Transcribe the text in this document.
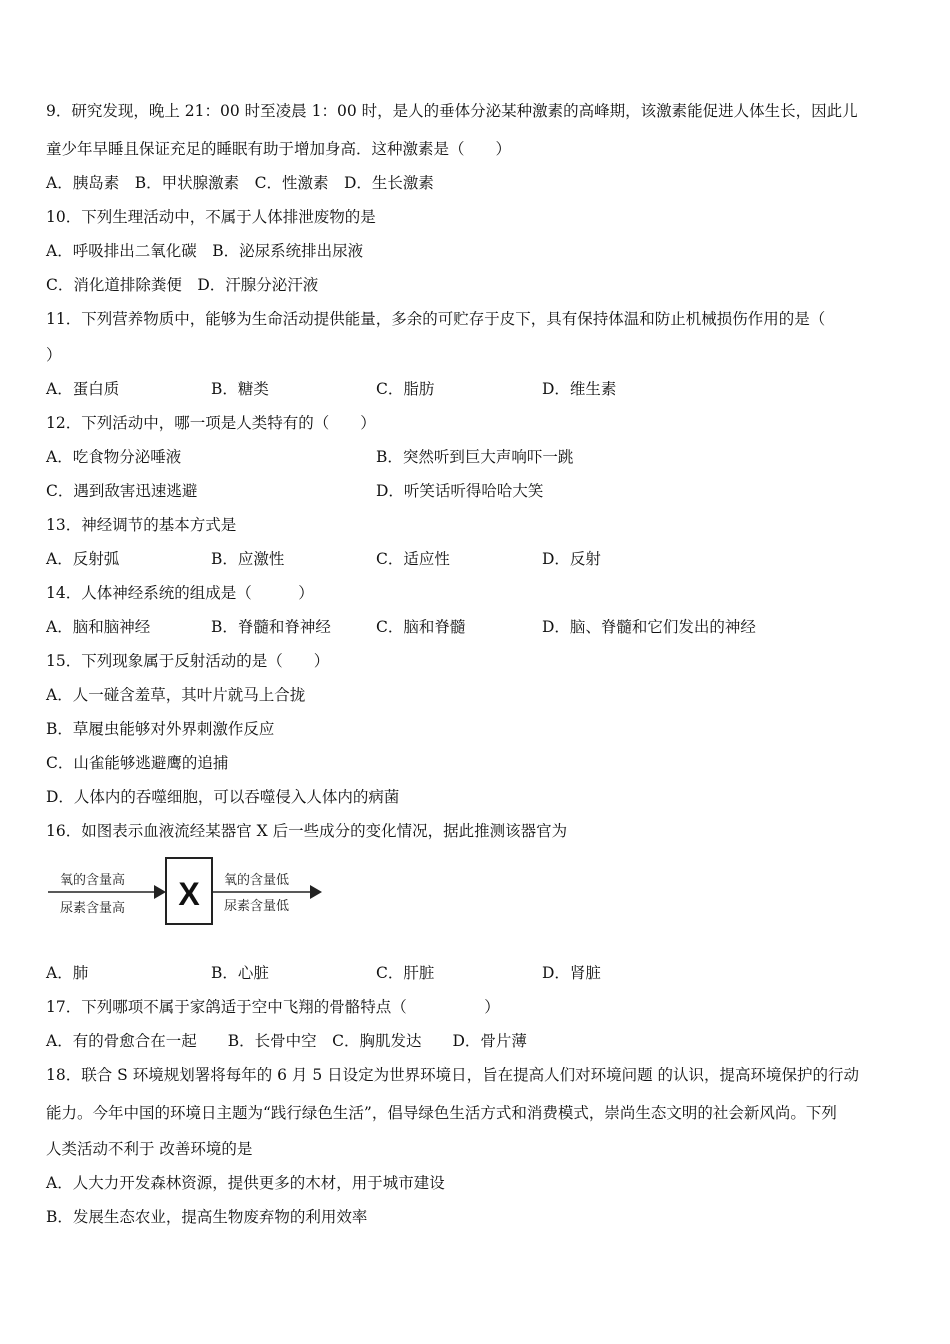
9．研究发现，晚上 21：00 时至凌晨 1：00 时，是人的垂体分泌某种激素的高峰期，该激素能促进人体生长，因此儿
童少年早睡且保证充足的睡眠有助于增加身高．这种激素是（　　）
A．胰岛素　B．甲状腺激素　C．性激素　D．生长激素
10．下列生理活动中，不属于人体排泄废物的是
A．呼吸排出二氧化碳　B．泌尿系统排出尿液
C．消化道排除粪便　D．汗腺分泌汗液
11．下列营养物质中，能够为生命活动提供能量，多余的可贮存于皮下，具有保持体温和防止机械损伤作用的是（
）
A．蛋白质	B．糖类	C．脂肪	D．维生素
12．下列活动中，哪一项是人类特有的（　　）
A．吃食物分泌唾液	B．突然听到巨大声响吓一跳
C．遇到敌害迅速逃避	D．听笑话听得哈哈大笑
13．神经调节的基本方式是
A．反射弧	B．应激性	C．适应性	D．反射
14．人体神经系统的组成是（　　　）
A．脑和脑神经	B．脊髓和脊神经	C．脑和脊髓	D．脑、脊髓和它们发出的神经
15．下列现象属于反射活动的是（　　）
A．人一碰含羞草，其叶片就马上合拢
B．草履虫能够对外界刺激作反应
C．山雀能够逃避鹰的追捕
D．人体内的吞噬细胞，可以吞噬侵入人体内的病菌
16．如图表示血液流经某器官 X 后一些成分的变化情况，据此推测该器官为
氧的含量高
尿素含量高 X 氧的含量低
尿素含量低
A．肺	B．心脏	C．肝脏	D．肾脏
17．下列哪项不属于家鸽适于空中飞翔的骨骼特点（　　　　　）
A．有的骨愈合在一起　　B．长骨中空　C．胸肌发达　　D．骨片薄
18．联合 S 环境规划署将每年的 6 月 5 日设定为世界环境日，旨在提高人们对环境问题 的认识，提高环境保护的行动
能力。今年中国的环境日主题为“践行绿色生活”，倡导绿色生活方式和消费模式，崇尚生态文明的社会新风尚。下列
人类活动不利于 改善环境的是
A．人大力开发森林资源，提供更多的木材，用于城市建设
B．发展生态农业，提高生物废弃物的利用效率
